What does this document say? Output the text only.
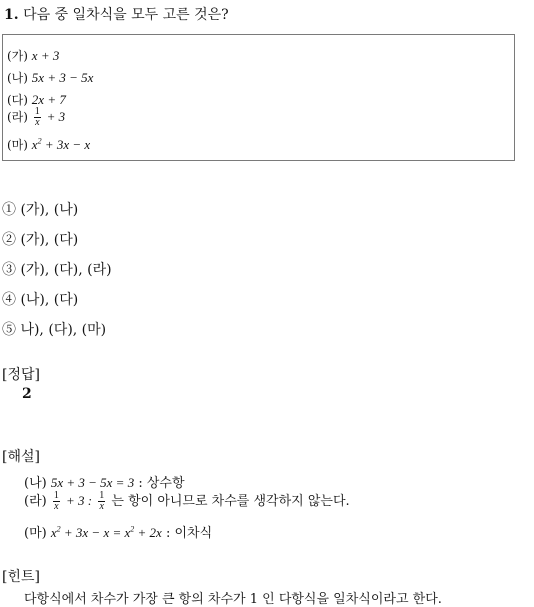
1. 다음 중 일차식을 모두 고른 것은?
(가) x + 3
(나) 5x + 3 − 5x
(다) 2x + 7
(라) $\frac{1}{x} + 3$
(마) $x^2 + 3x - x$
① (가), (나)
② (가), (다)
③ (가), (다), (라)
④ (나), (다)
⑤ 나), (다), (마)
[정답]
2
[해설]
(나) 5x + 3 − 5x = 3 : 상수항
(라) $\frac{1}{x} + 3$ : $\frac{1}{x}$ 는 항이 아니므로 차수를 생각하지 않는다.
(마) $x^2 + 3x - x = x^2 + 2x$ : 이차식
[힌트]
다항식에서 차수가 가장 큰 항의 차수가 1 인 다항식을 일차식이라고 한다.
